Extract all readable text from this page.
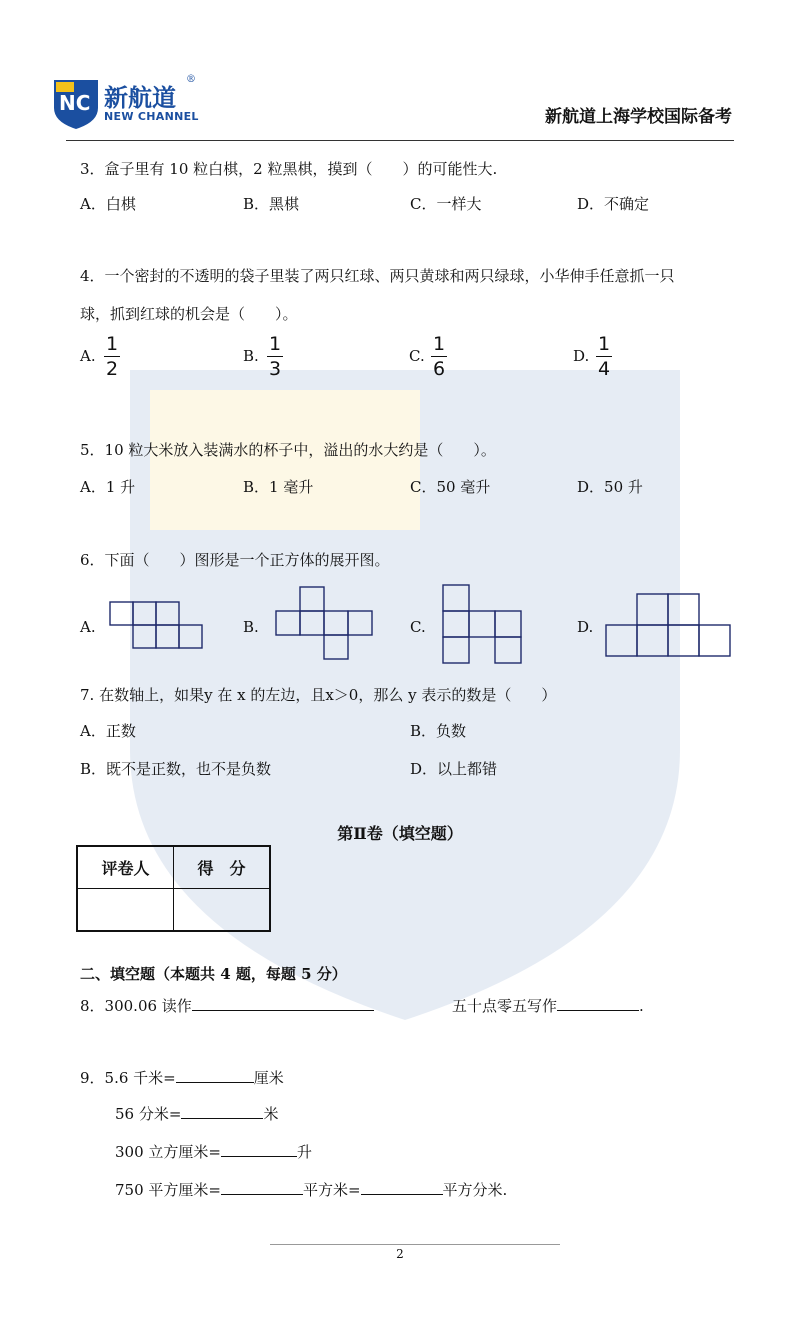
NC 新航道
®
NEW CHANNEL	新航道上海学校国际备考
3．盒子里有 10 粒白棋，2 粒黑棋，摸到（　　）的可能性大.
A．白棋	B．黑棋	C．一样大	D．不确定
4．一个密封的不透明的袋子里装了两只红球、两只黄球和两只绿球，小华伸手任意抓一只
球，抓到红球的机会是（　　）。
A.
1
2
B.
1
3
C.
1
6
D.
1
4
5．10 粒大米放入装满水的杯子中，溢出的水大约是（　　）。
A．1 升	B．1 毫升	C．50 毫升	D．50 升
6．下面（　　）图形是一个正方体的展开图。
A.	B.	C.	D.
7. 在数轴上，如果y 在 x 的左边，且x＞0，那么 y 表示的数是（　　）
A．正数	B．负数
B．既不是正数，也不是负数	D．以上都错
第Ⅱ卷（填空题）
评卷人	得　分

二、填空题（本题共 4 题，每题 5 分）
8．300.06 读作	五十点零五写作	.
9．5.6 千米=	厘米
56 分米=	米
300 立方厘米=	升
750 平方厘米=	平方米=	平方分米.
2
